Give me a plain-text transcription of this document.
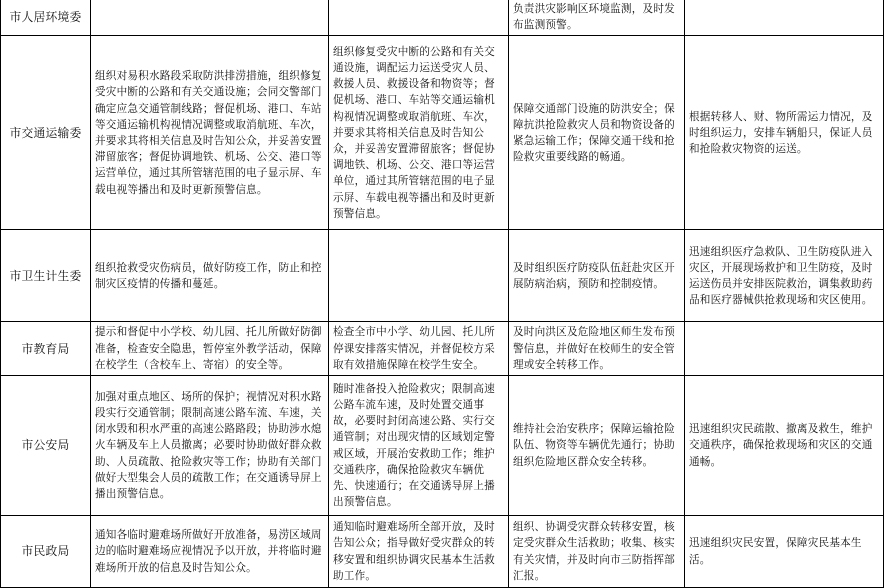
市人居环境委			负责洪灾影响区环境监测，及时发布监测预警。	
市交通运输委	组织对易积水路段采取防洪排涝措施，组织修复受灾中断的公路和有关交通设施；会同交警部门确定应急交通管制线路；督促机场、港口、车站等交通运输机构视情况调整或取消航班、车次，并要求其将相关信息及时告知公众，并妥善安置滞留旅客；督促协调地铁、机场、公交、港口等运营单位，通过其所管辖范围的电子显示屏、车载电视等播出和及时更新预警信息。	组织修复受灾中断的公路和有关交通设施，调配运力运送受灾人员、救援人员、救援设备和物资等；督促机场、港口、车站等交通运输机构视情况调整或取消航班、车次，并要求其将相关信息及时告知公众，并妥善安置滞留旅客；督促协调地铁、机场、公交、港口等运营单位，通过其所管辖范围的电子显示屏、车载电视等播出和及时更新预警信息。	保障交通部门设施的防洪安全；保障抗洪抢险救灾人员和物资设备的紧急运输工作；保障交通干线和抢险救灾重要线路的畅通。	根据转移人、财、物所需运力情况，及时组织运力，安排车辆船只，保证人员和抢险救灾物资的运送。
市卫生计生委	组织抢救受灾伤病员，做好防疫工作，防止和控制灾区疫情的传播和蔓延。		及时组织医疗防疫队伍赶赴灾区开展防病治病，预防和控制疫情。	迅速组织医疗急救队、卫生防疫队进入灾区，开展现场救护和卫生防疫，及时运送伤员并安排医院救治，调集救助药品和医疗器械供抢救现场和灾区使用。
市教育局	提示和督促中小学校、幼儿园、托儿所做好防御准备，检查安全隐患，暂停室外教学活动，保障在校学生（含校车上、寄宿）的安全等。	检查全市中小学、幼儿园、托儿所停课安排落实情况，并督促校方采取有效措施保障在校学生安全。	及时向洪区及危险地区师生发布预警信息，并做好在校师生的安全管理或安全转移工作。	
市公安局	加强对重点地区、场所的保护；视情况对积水路段实行交通管制；限制高速公路车流、车速，关闭水毁和积水严重的高速公路路段；协助涉水熄火车辆及车上人员撤离；必要时协助做好群众救助、人员疏散、抢险救灾等工作；协助有关部门做好大型集会人员的疏散工作；在交通诱导屏上播出预警信息。	随时准备投入抢险救灾；限制高速公路车流车速，及时处置交通事故，必要时封闭高速公路、实行交通管制；对出现灾情的区域划定警戒区域，开展治安救助工作；维护交通秩序，确保抢险救灾车辆优先、快速通行；在交通诱导屏上播出预警信息。	维持社会治安秩序；保障运输抢险队伍、物资等车辆优先通行；协助组织危险地区群众安全转移。	迅速组织灾民疏散、撤离及救生，维护交通秩序，确保抢救现场和灾区的交通通畅。
市民政局	通知各临时避难场所做好开放准备，易涝区域周边的临时避难场应视情况予以开放，并将临时避难场所开放的信息及时告知公众。	通知临时避难场所全部开放，及时告知公众；指导做好受灾群众的转移安置和组织协调灾民基本生活救助工作。	组织、协调受灾群众转移安置，核定受灾群众生活救助；收集、核实有关灾情，并及时向市三防指挥部汇报。	迅速组织灾民安置，保障灾民基本生活。
